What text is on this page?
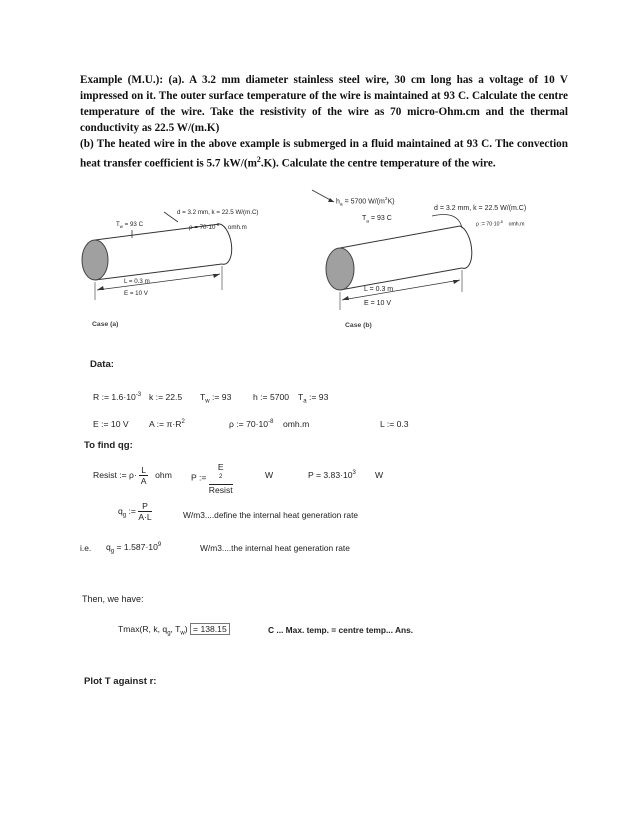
Example (M.U.): (a). A 3.2 mm diameter stainless steel wire, 30 cm long has a voltage of 10 V impressed on it. The outer surface temperature of the wire is maintained at 93 C. Calculate the centre temperature of the wire. Take the resistivity of the wire as 70 micro-Ohm.cm and the thermal conductivity as 22.5 W/(m.K)

(b) The heated wire in the above example is submerged in a fluid maintained at 93 C. The convection heat transfer coefficient is 5.7 $kW/(m^2.K)$. Calculate the centre temperature of the wire.

$T_w = 93$ C
d = 3.2 mm, k = 22.5 W/(m.C)
$\rho = 70\cdot 10^{-8}$ omh.m
L = 0.3 m
E = 10 V
Case (a)
$h_a = 5700$ $W/(m^2K)$
$T_a = 93$ C
d = 3.2 mm, k = 22.5 W/(m.C)
ρ := $70\cdot 10^{-8}$ omh.m
L = 0.3 m
E = 10 V
Case (b)
Data:
R := $1.6\cdot 10^{-3}$ k := 22.5 $T_w$ := 93	h := 5700 $T_a$ := 93
E := 10 V A := $\pi\cdot R^2$	ρ := $70\cdot 10^{-8}$ omh.m	L := 0.3
To find qg:
Resist := $\rho\cdot \frac{L}{A}$ ohm P := E
$^2$
Resist	W	$P = 3.83\cdot 10^3$ W
$q_g$ := $\frac{P}{A\cdot L}$	W/m3....define the internal heat generation rate
i.e. $q_g = 1.587\cdot 10^9$	W/m3....the internal heat generation rate
Then, we have:
Tmax(R, k, $q_g$, $T_w) = 138.15$	C ... Max. temp. = centre temp... Ans.
Plot T against r:
